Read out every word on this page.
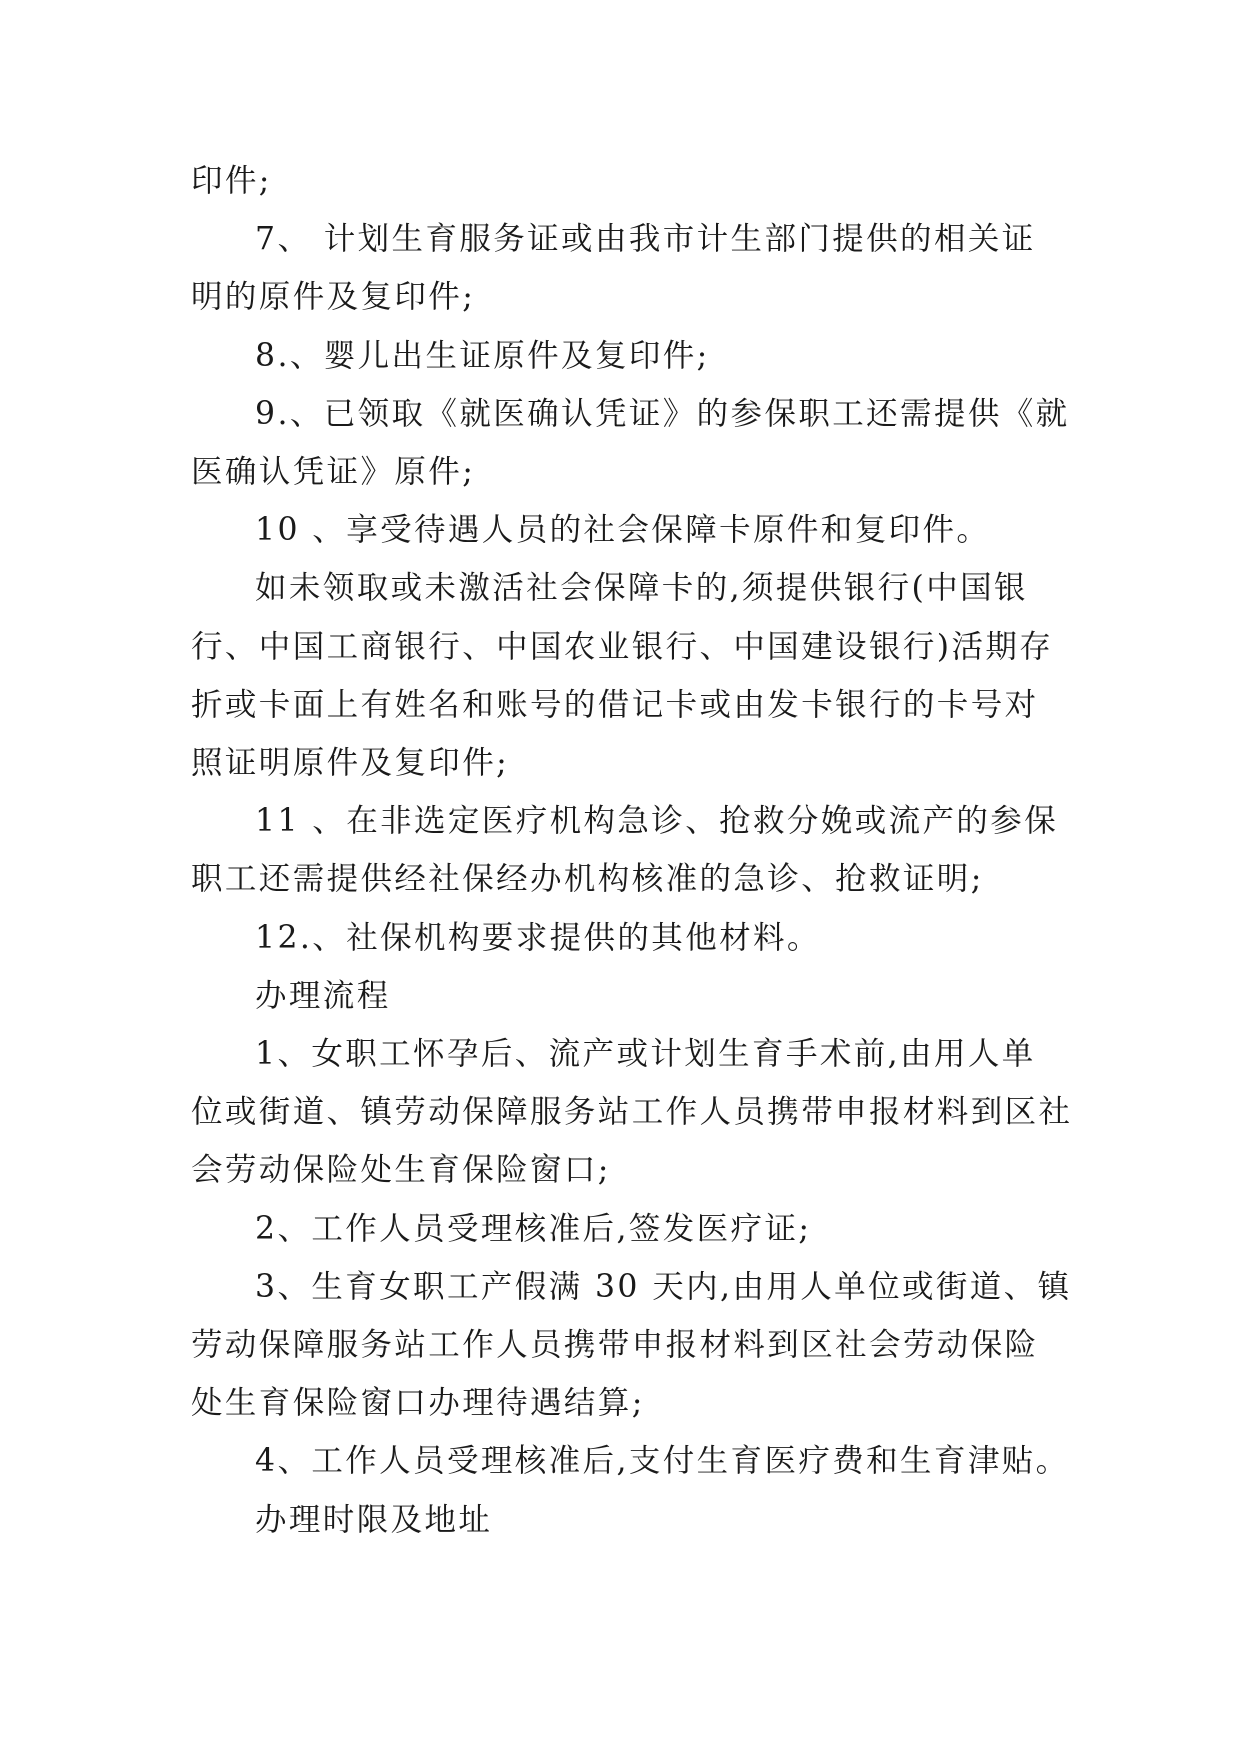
印件;

7、 计划生育服务证或由我市计生部门提供的相关证

明的原件及复印件;

8.、婴儿出生证原件及复印件;

9.、已领取《就医确认凭证》的参保职工还需提供《就

医确认凭证》原件;

10 、享受待遇人员的社会保障卡原件和复印件。

如未领取或未激活社会保障卡的,须提供银行(中国银

行、中国工商银行、中国农业银行、中国建设银行)活期存

折或卡面上有姓名和账号的借记卡或由发卡银行的卡号对

照证明原件及复印件;

11 、在非选定医疗机构急诊、抢救分娩或流产的参保

职工还需提供经社保经办机构核准的急诊、抢救证明;

12.、社保机构要求提供的其他材料。

办理流程

1、女职工怀孕后、流产或计划生育手术前,由用人单

位或街道、镇劳动保障服务站工作人员携带申报材料到区社

会劳动保险处生育保险窗口;

2、工作人员受理核准后,签发医疗证;

3、生育女职工产假满 30 天内,由用人单位或街道、镇

劳动保障服务站工作人员携带申报材料到区社会劳动保险

处生育保险窗口办理待遇结算;

4、工作人员受理核准后,支付生育医疗费和生育津贴。

办理时限及地址
